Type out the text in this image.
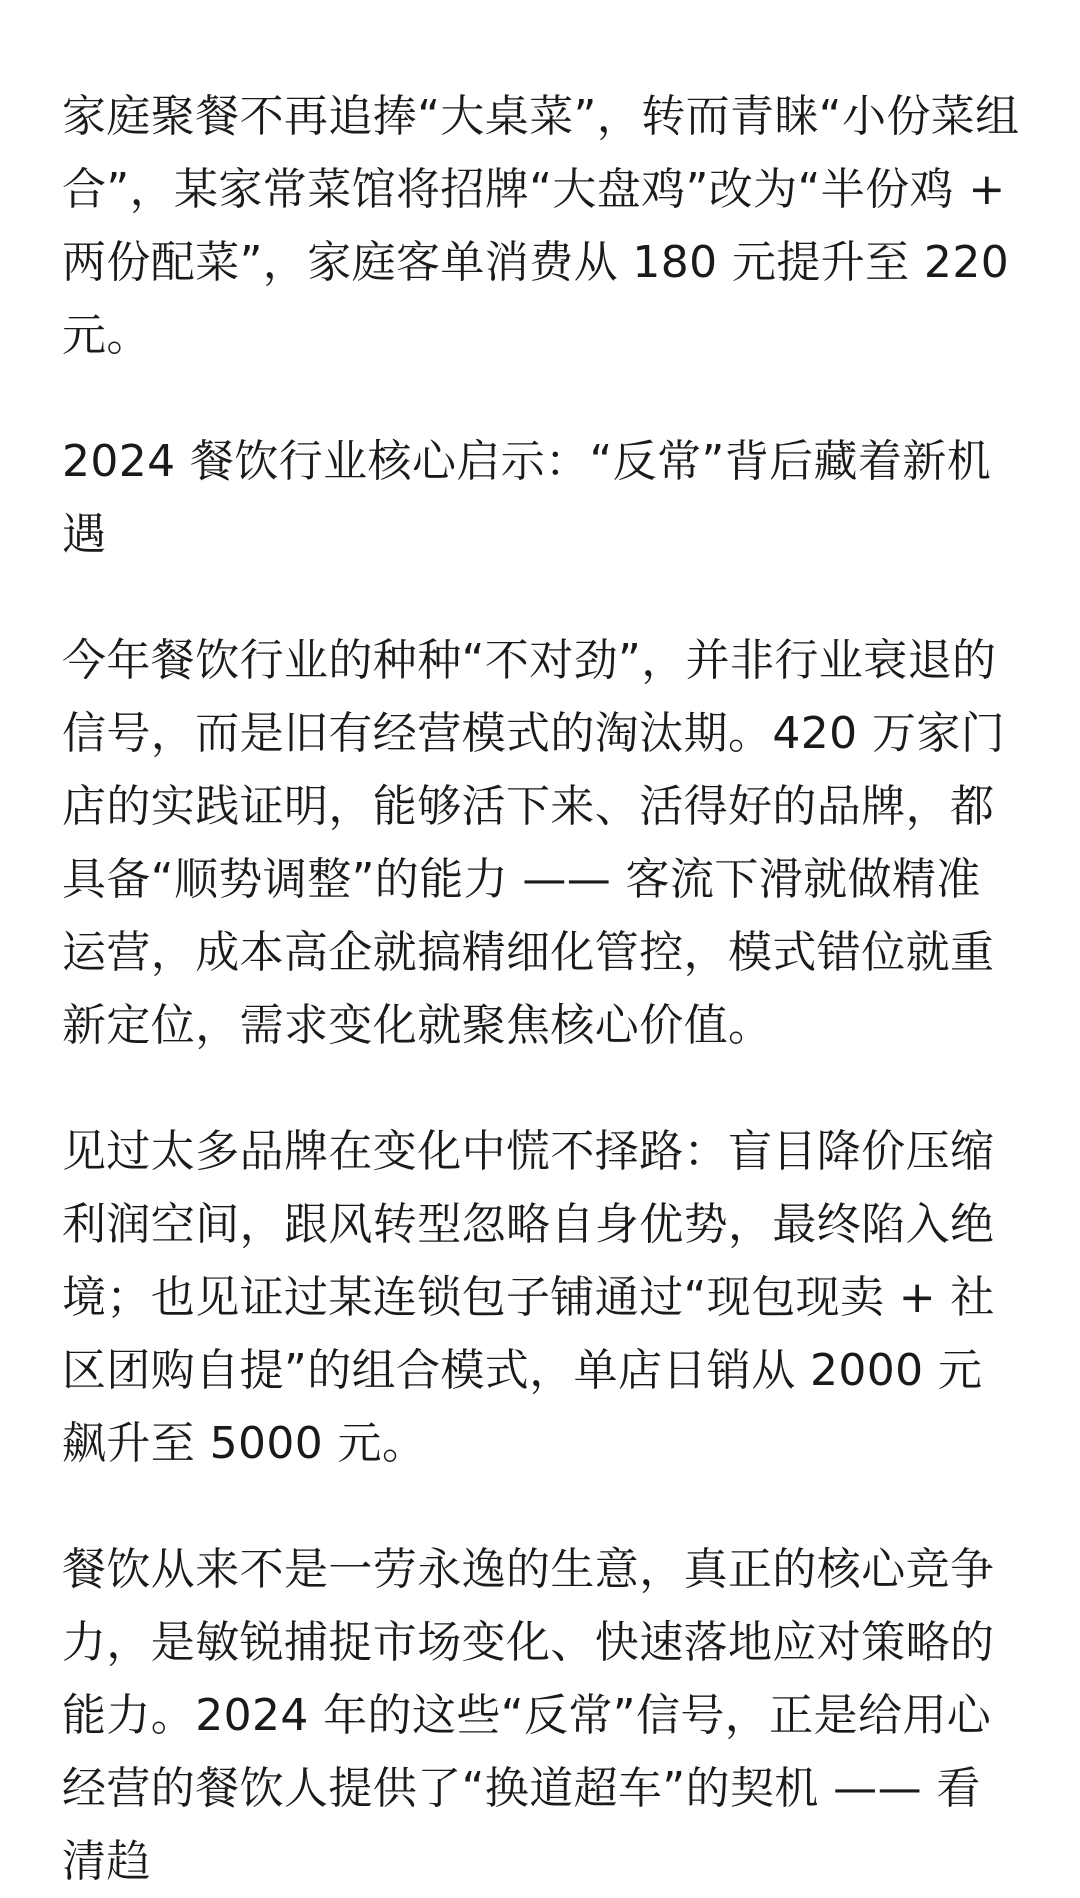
家庭聚餐不再追捧“大桌菜”，转而青睐“小份菜组合”，某家常菜馆将招牌“大盘鸡”改为“半份鸡 + 两份配菜”，家庭客单消费从 180 元提升至 220 元。

2024 餐饮行业核心启示：“反常”背后藏着新机遇

今年餐饮行业的种种“不对劲”，并非行业衰退的信号，而是旧有经营模式的淘汰期。420 万家门店的实践证明，能够活下来、活得好的品牌，都具备“顺势调整”的能力 —— 客流下滑就做精准运营，成本高企就搞精细化管控，模式错位就重新定位，需求变化就聚焦核心价值。

见过太多品牌在变化中慌不择路：盲目降价压缩利润空间，跟风转型忽略自身优势，最终陷入绝境；也见证过某连锁包子铺通过“现包现卖 + 社区团购自提”的组合模式，单店日销从 2000 元飙升至 5000 元。

餐饮从来不是一劳永逸的生意，真正的核心竞争力，是敏锐捕捉市场变化、快速落地应对策略的能力。2024 年的这些“反常”信号，正是给用心经营的餐饮人提供了“换道超车”的契机 —— 看清趋
